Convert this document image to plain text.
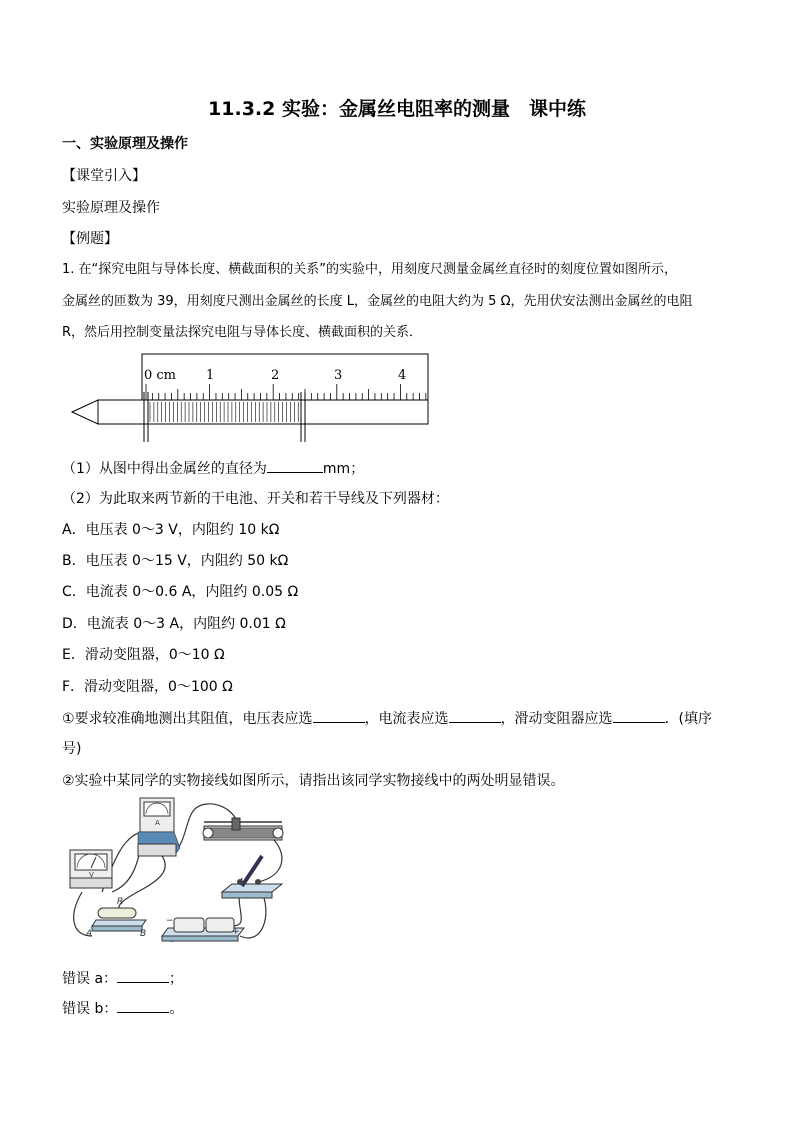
11.3.2 实验：金属丝电阻率的测量　课中练
一、实验原理及操作
【课堂引入】
实验原理及操作
【例题】
1. 在“探究电阻与导体长度、横截面积的关系”的实验中，用刻度尺测量金属丝直径时的刻度位置如图所示，
金属丝的匝数为 39，用刻度尺测出金属丝的长度 L，金属丝的电阻大约为 5 Ω，先用伏安法测出金属丝的电阻
R，然后用控制变量法探究电阻与导体长度、横截面积的关系．
0 cm 1	2	3	4
（1）从图中得出金属丝的直径为	mm；
（2）为此取来两节新的干电池、开关和若干导线及下列器材：
A．电压表 0～3 V，内阻约 10 kΩ
B．电压表 0～15 V，内阻约 50 kΩ
C．电流表 0～0.6 A，内阻约 0.05 Ω
D．电流表 0～3 A，内阻约 0.01 Ω
E．滑动变阻器，0～10 Ω
F．滑动变阻器，0～100 Ω
①要求较准确地测出其阻值，电压表应选	，电流表应选	，滑动变阻器应选	．(填序
号)
②实验中某同学的实物接线如图所示，请指出该同学实物接线中的两处明显错误。
V
A
R
A	B
−
+
错误 a：	；
错误 b：	。
